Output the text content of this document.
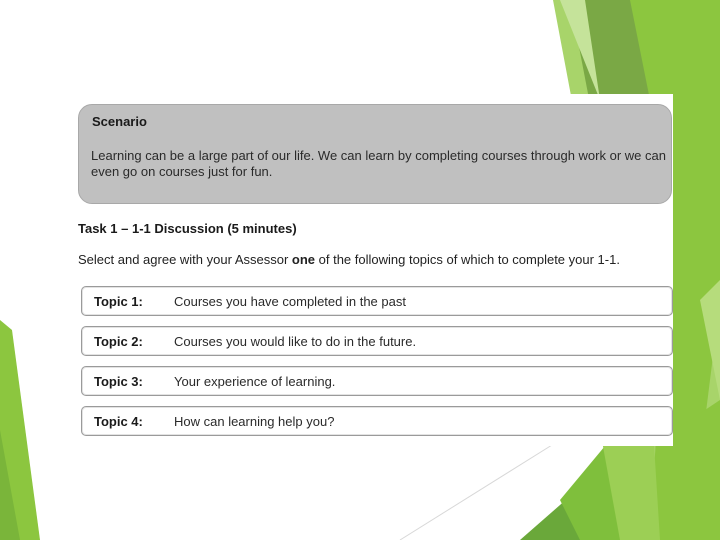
Scenario
Learning can be a large part of our life. We can learn by completing courses through work or we can even go on courses just for fun.
Task 1 – 1-1 Discussion (5 minutes)
Select and agree with your Assessor one of the following topics of which to complete your 1-1.
Topic 1: Courses you have completed in the past
Topic 2: Courses you would like to do in the future.
Topic 3: Your experience of learning.
Topic 4: How can learning help you?
